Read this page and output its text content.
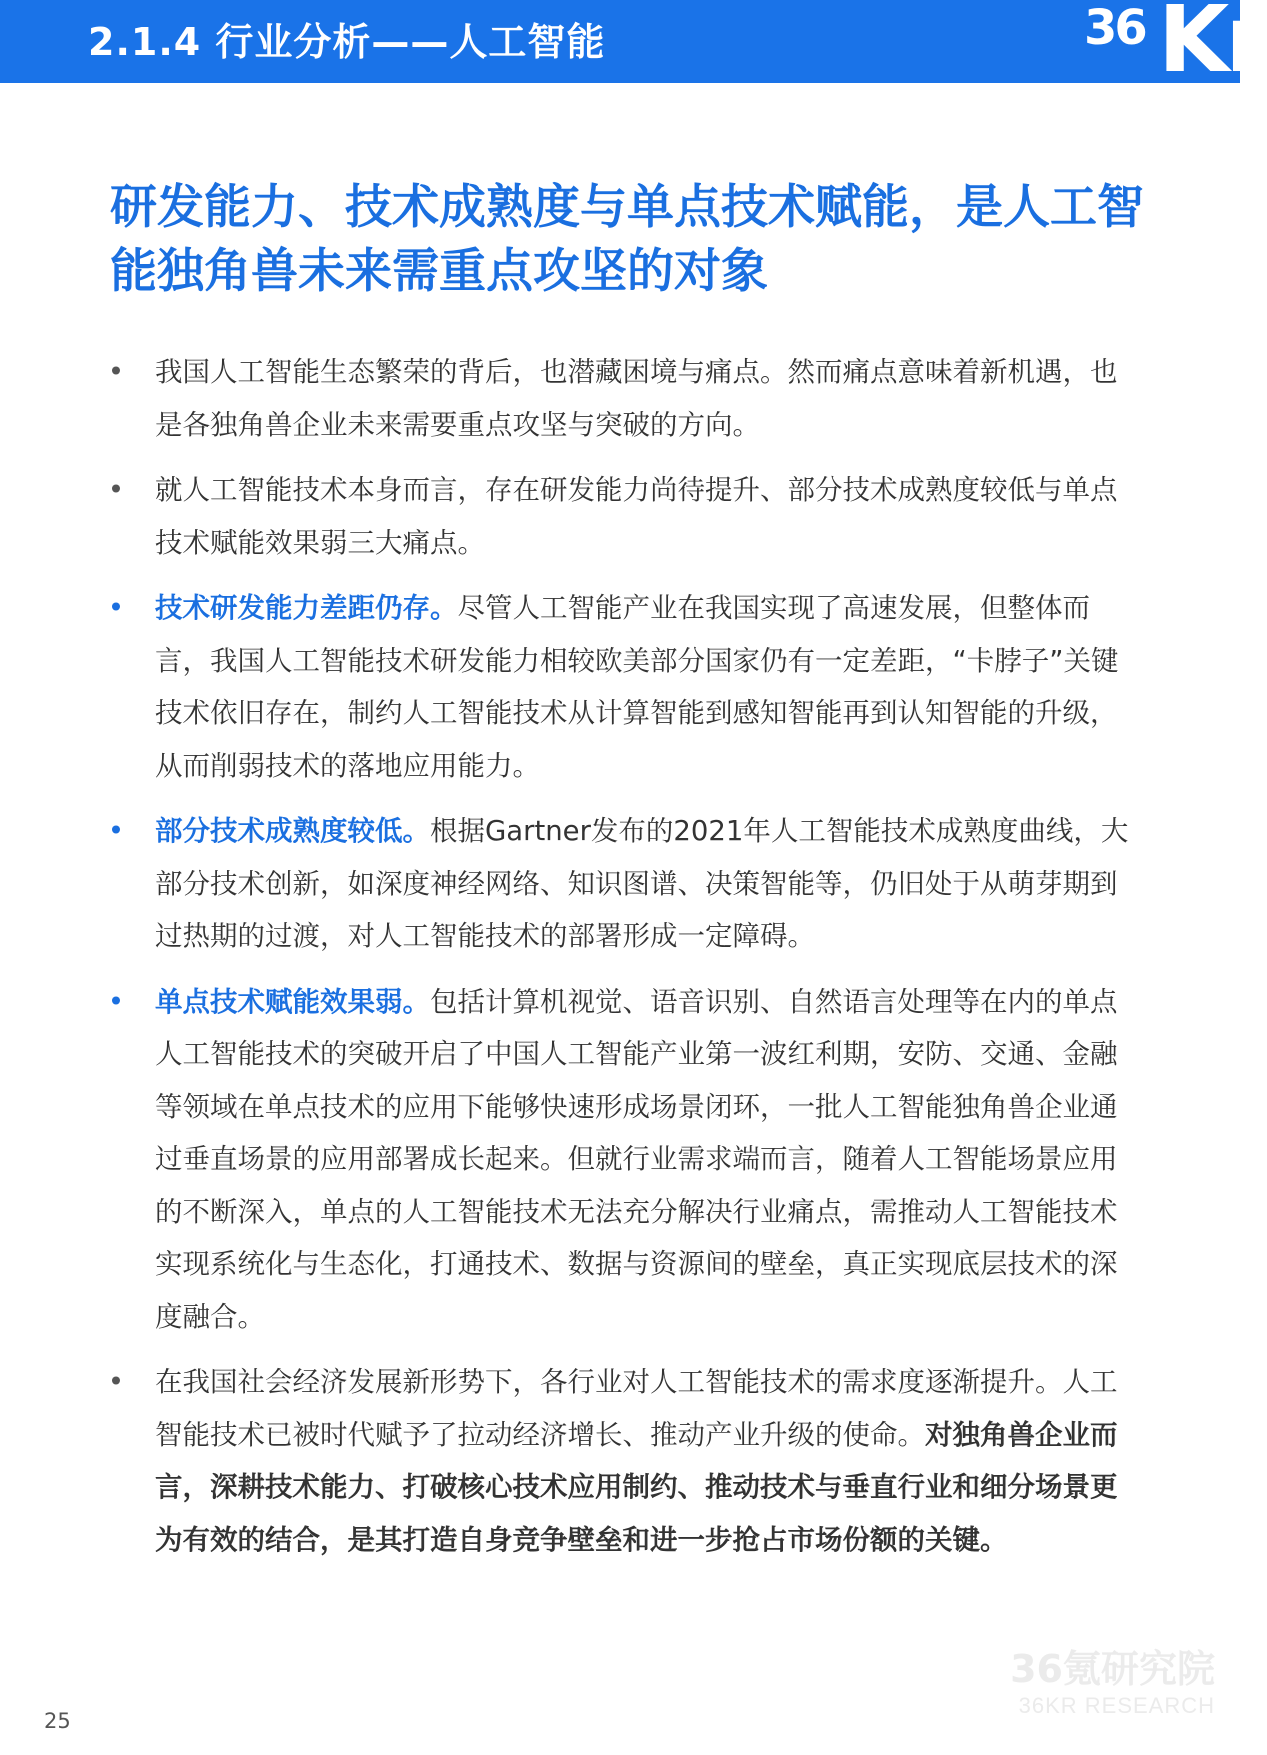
2.1.4 行业分析——人工智能	36 Kr
研发能力、技术成熟度与单点技术赋能，是人工智能独角兽未来需重点攻坚的对象
• 我国人工智能生态繁荣的背后，也潜藏困境与痛点。然而痛点意味着新机遇，也是各独角兽企业未来需要重点攻坚与突破的方向。
• 就人工智能技术本身而言，存在研发能力尚待提升、部分技术成熟度较低与单点技术赋能效果弱三大痛点。
• 技术研发能力差距仍存。尽管人工智能产业在我国实现了高速发展，但整体而言，我国人工智能技术研发能力相较欧美部分国家仍有一定差距，“卡脖子”关键技术依旧存在，制约人工智能技术从计算智能到感知智能再到认知智能的升级，从而削弱技术的落地应用能力。
• 部分技术成熟度较低。根据Gartner发布的2021年人工智能技术成熟度曲线，大部分技术创新，如深度神经网络、知识图谱、决策智能等，仍旧处于从萌芽期到过热期的过渡，对人工智能技术的部署形成一定障碍。
• 单点技术赋能效果弱。包括计算机视觉、语音识别、自然语言处理等在内的单点人工智能技术的突破开启了中国人工智能产业第一波红利期，安防、交通、金融等领域在单点技术的应用下能够快速形成场景闭环，一批人工智能独角兽企业通过垂直场景的应用部署成长起来。但就行业需求端而言，随着人工智能场景应用的不断深入，单点的人工智能技术无法充分解决行业痛点，需推动人工智能技术实现系统化与生态化，打通技术、数据与资源间的壁垒，真正实现底层技术的深度融合。
• 在我国社会经济发展新形势下，各行业对人工智能技术的需求度逐渐提升。人工智能技术已被时代赋予了拉动经济增长、推动产业升级的使命。对独角兽企业而言，深耕技术能力、打破核心技术应用制约、推动技术与垂直行业和细分场景更为有效的结合，是其打造自身竞争壁垒和进一步抢占市场份额的关键。
36氪研究院
36KR RESEARCH
25
